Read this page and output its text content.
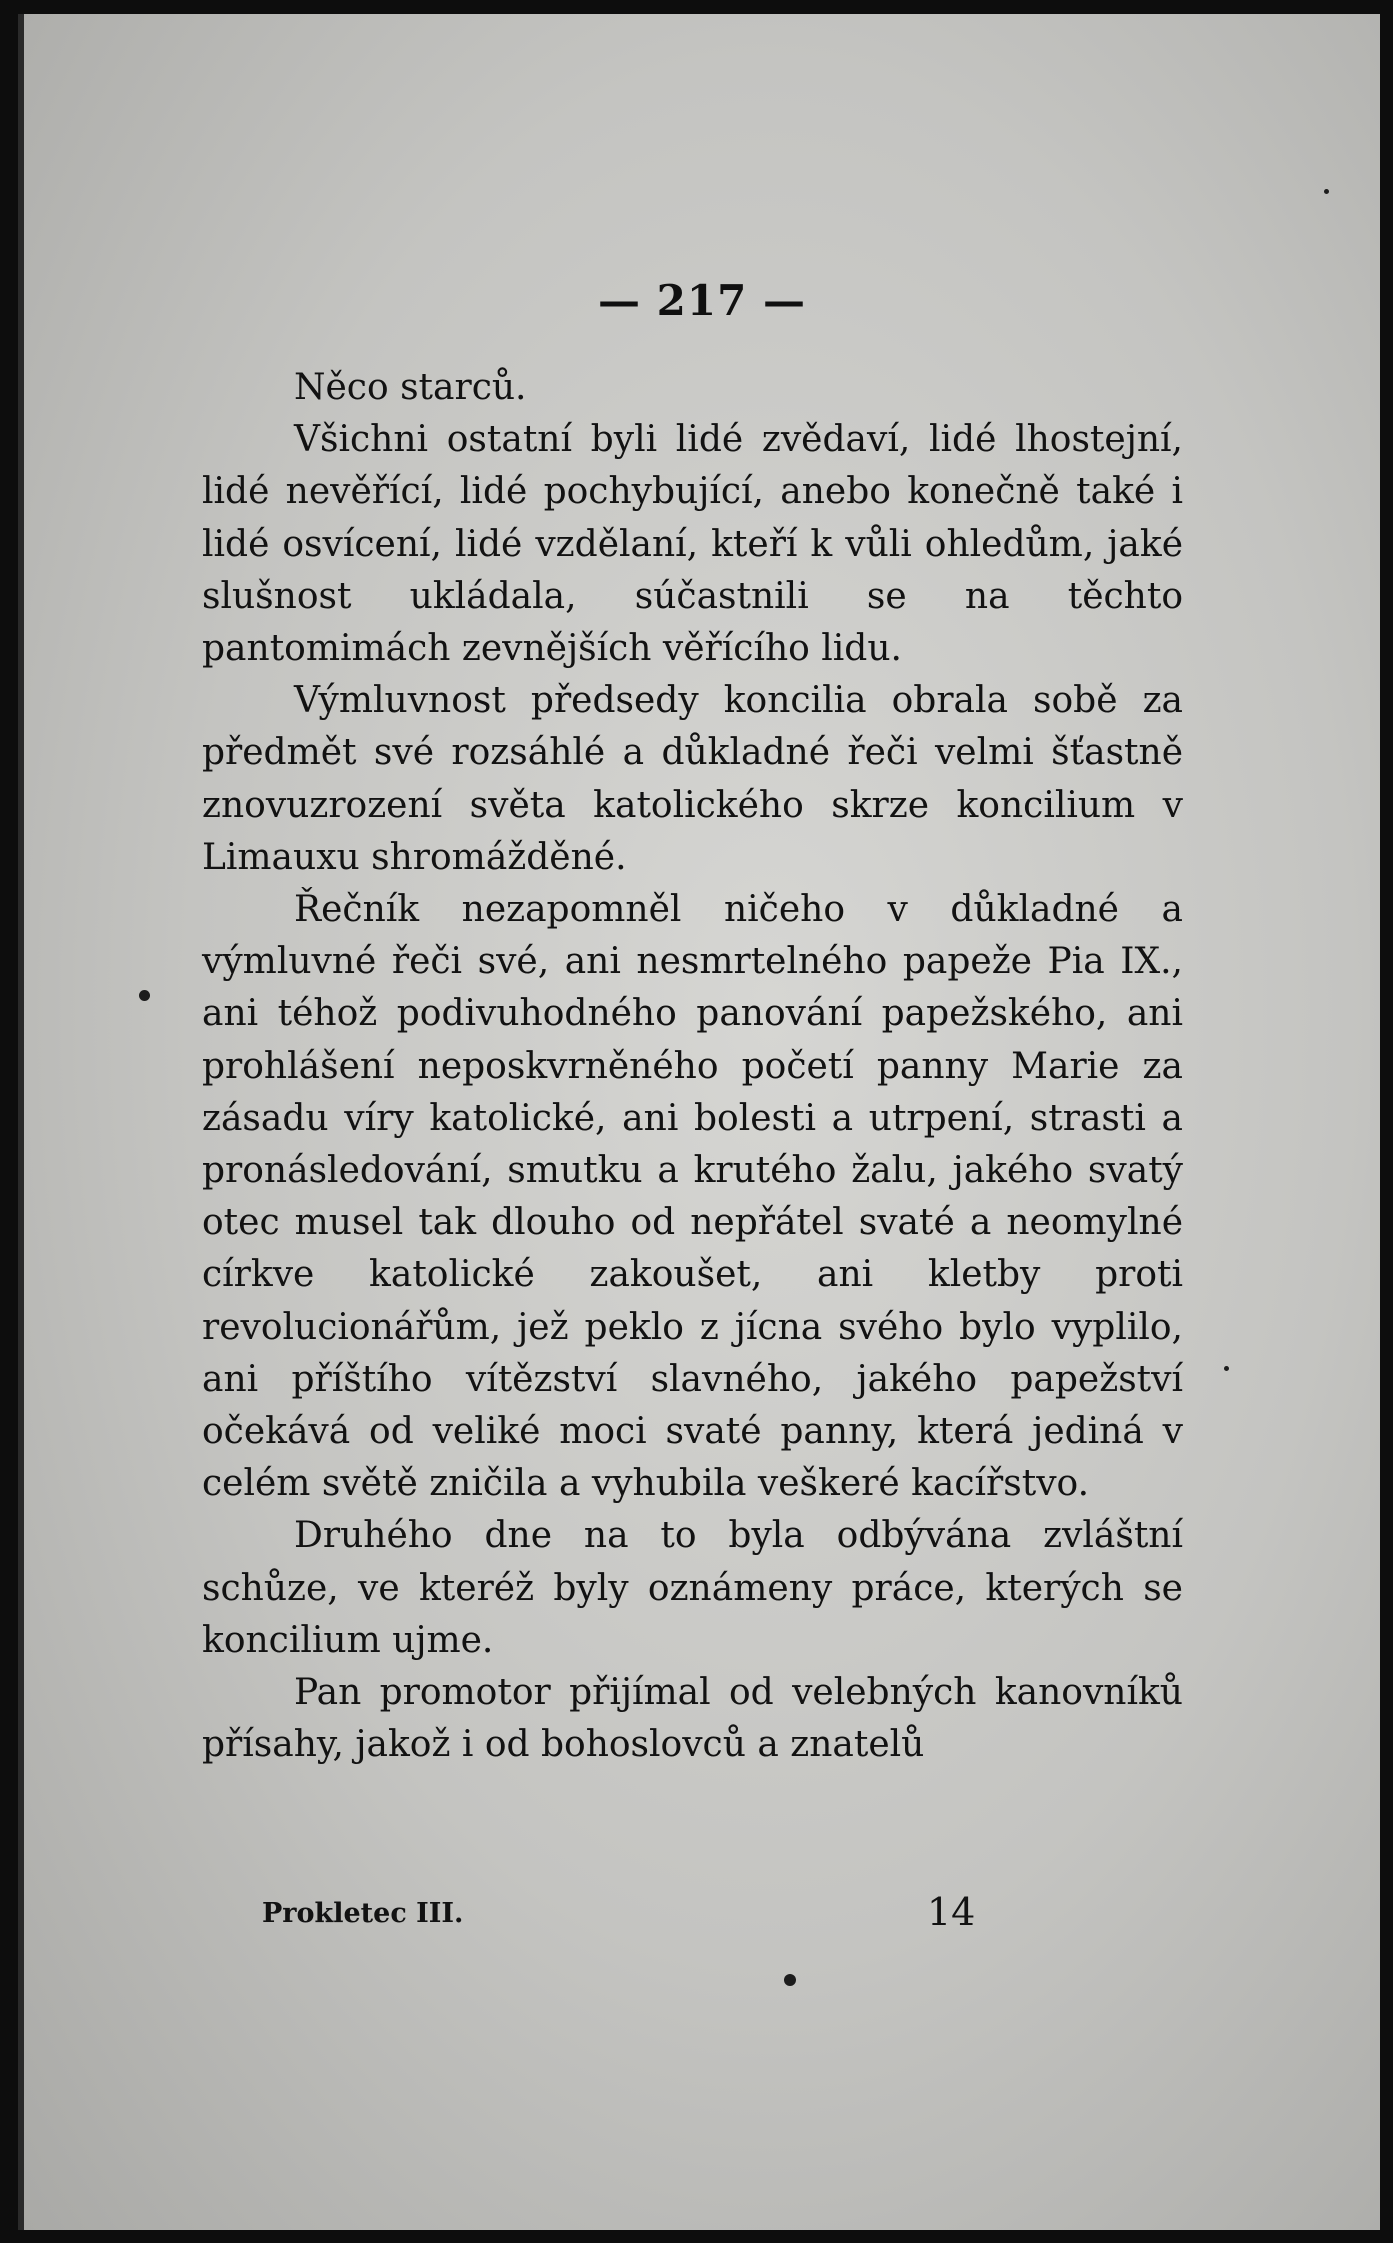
— 217 —

Něco starců.

Všichni ostatní byli lidé zvědaví, lidé lhostejní, lidé nevěřící, lidé pochybující, anebo konečně také i lidé osvícení, lidé vzdělaní, kteří k vůli ohledům, jaké slušnost ukládala, súčastnili se na těchto pantomimách zevnějších věřícího lidu.

Výmluvnost předsedy koncilia obrala sobě za předmět své rozsáhlé a důkladné řeči velmi šťastně znovuzrození světa katolického skrze koncilium v Limauxu shromážděné.

Řečník nezapomněl ničeho v důkladné a výmluvné řeči své, ani nesmrtelného papeže Pia IX., ani téhož podivuhodného panování papežského, ani prohlášení neposkvrněného početí panny Marie za zásadu víry katolické, ani bolesti a utrpení, strasti a pronásledování, smutku a krutého žalu, jakého svatý otec musel tak dlouho od nepřátel svaté a neomylné církve katolické zakoušet, ani kletby proti revolucionářům, jež peklo z jícna svého bylo vyplilo, ani příštího vítězství slavného, jakého papežství očekává od veliké moci svaté panny, která jediná v celém světě zničila a vyhubila veškeré kacířstvo.

Druhého dne na to byla odbývána zvláštní schůze, ve kteréž byly oznámeny práce, kterých se koncilium ujme.

Pan promotor přijímal od velebných kanovníků přísahy, jakož i od bohoslovců a znatelů

Prokletec III.	14
